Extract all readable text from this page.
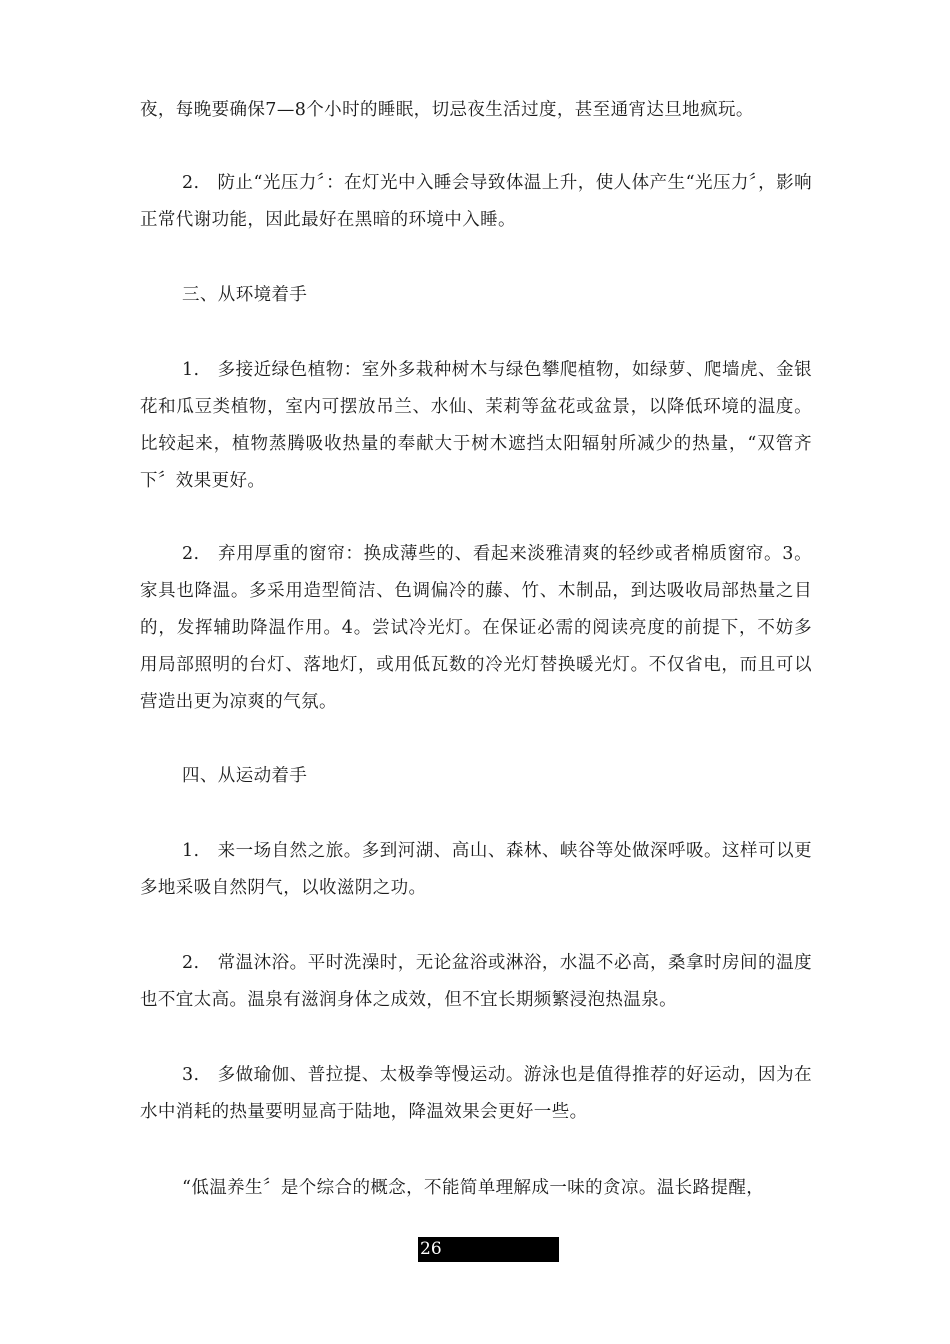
夜，每晚要确保7—8个小时的睡眠，切忌夜生活过度，甚至通宵达旦地疯玩。

2.　防止“光压力〞：在灯光中入睡会导致体温上升，使人体产生“光压力〞，影响正常代谢功能，因此最好在黑暗的环境中入睡。

三、从环境着手

1.　多接近绿色植物：室外多栽种树木与绿色攀爬植物，如绿萝、爬墙虎、金银花和瓜豆类植物，室内可摆放吊兰、水仙、茉莉等盆花或盆景，以降低环境的温度。比较起来，植物蒸腾吸收热量的奉献大于树木遮挡太阳辐射所减少的热量，“双管齐下〞效果更好。

2.　弃用厚重的窗帘：换成薄些的、看起来淡雅清爽的轻纱或者棉质窗帘。3。家具也降温。多采用造型简洁、色调偏冷的藤、竹、木制品，到达吸收局部热量之目的，发挥辅助降温作用。4。尝试冷光灯。在保证必需的阅读亮度的前提下，不妨多用局部照明的台灯、落地灯，或用低瓦数的冷光灯替换暖光灯。不仅省电，而且可以营造出更为凉爽的气氛。

四、从运动着手

1.　来一场自然之旅。多到河湖、高山、森林、峡谷等处做深呼吸。这样可以更多地采吸自然阴气，以收滋阴之功。

2.　常温沐浴。平时洗澡时，无论盆浴或淋浴，水温不必高，桑拿时房间的温度也不宜太高。温泉有滋润身体之成效，但不宜长期频繁浸泡热温泉。

3.　多做瑜伽、普拉提、太极拳等慢运动。游泳也是值得推荐的好运动，因为在水中消耗的热量要明显高于陆地，降温效果会更好一些。

“低温养生〞是个综合的概念，不能简单理解成一味的贪凉。温长路提醒，

26
